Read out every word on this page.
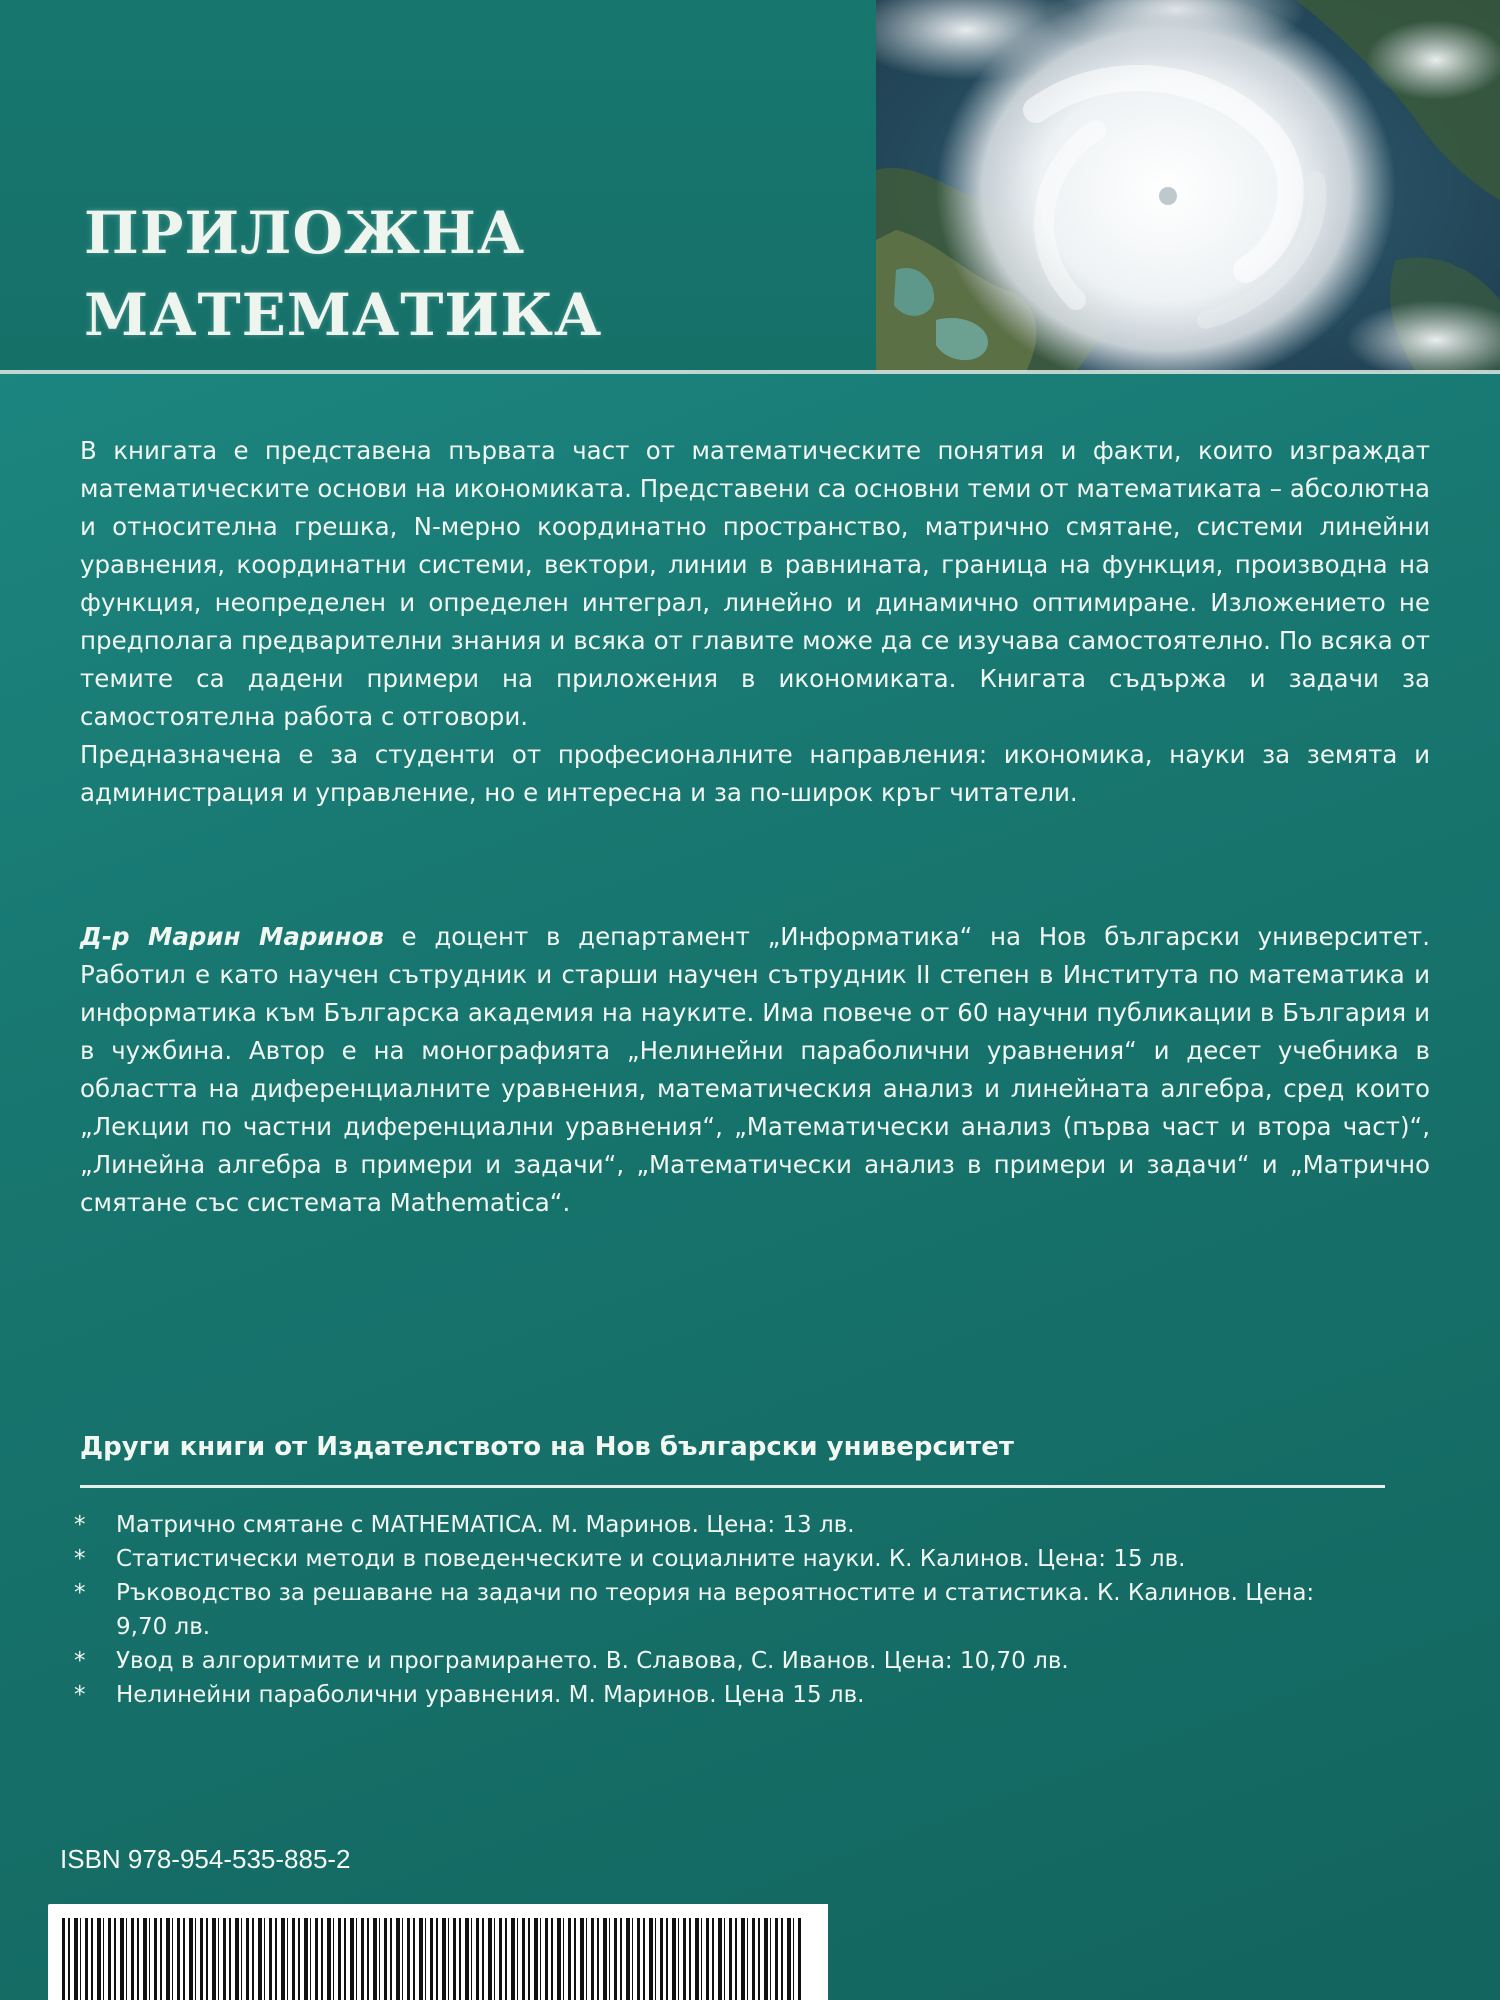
ПРИЛОЖНА
МАТЕМАТИКА

В книгата е представена първата част от математическите понятия и факти, които изграждат математическите основи на икономиката. Представени са основни теми от математиката – абсолютна и относителна грешка, N-мерно координатно пространство, матрично смятане, системи линейни уравнения, координатни системи, вектори, линии в равнината, граница на функция, производна на функция, неопределен и определен интеграл, линейно и динамично оптимиране. Изложението не предполага предварителни знания и всяка от главите може да се изучава самостоятелно. По всяка от темите са дадени примери на приложения в икономиката. Книгата съдържа и задачи за самостоятелна работа с отговори.

Предназначена е за студенти от професионалните направления: икономика, науки за земята и администрация и управление, но е интересна и за по-широк кръг читатели.

Д-р Марин Маринов е доцент в департамент „Информатика“ на Нов български университет. Работил е като научен сътрудник и старши научен сътрудник II степен в Института по математика и информатика към Българска академия на науките. Има повече от 60 научни публикации в България и в чужбина. Автор е на монографията „Нелинейни параболични уравнения“ и десет учебника в областта на диференциалните уравнения, математическия анализ и линейната алгебра, сред които „Лекции по частни диференциални уравнения“, „Математически анализ (първа част и втора част)“, „Линейна алгебра в примери и задачи“, „Математически анализ в примери и задачи“ и „Матрично смятане със системата Mathematica“.

Други книги от Издателството на Нов български университет
*	Матрично смятане с MATHEMATICA. М. Маринов. Цена: 13 лв.
*	Статистически методи в поведенческите и социалните науки. К. Калинов. Цена: 15 лв.
*	Ръководство за решаване на задачи по теория на вероятностите и статистика. К. Калинов. Цена: 9,70 лв.
*	Увод в алгоритмите и програмирането. В. Славова, С. Иванов. Цена: 10,70 лв.
*	Нелинейни параболични уравнения. М. Маринов. Цена 15 лв.
ISBN 978-954-535-885-2
